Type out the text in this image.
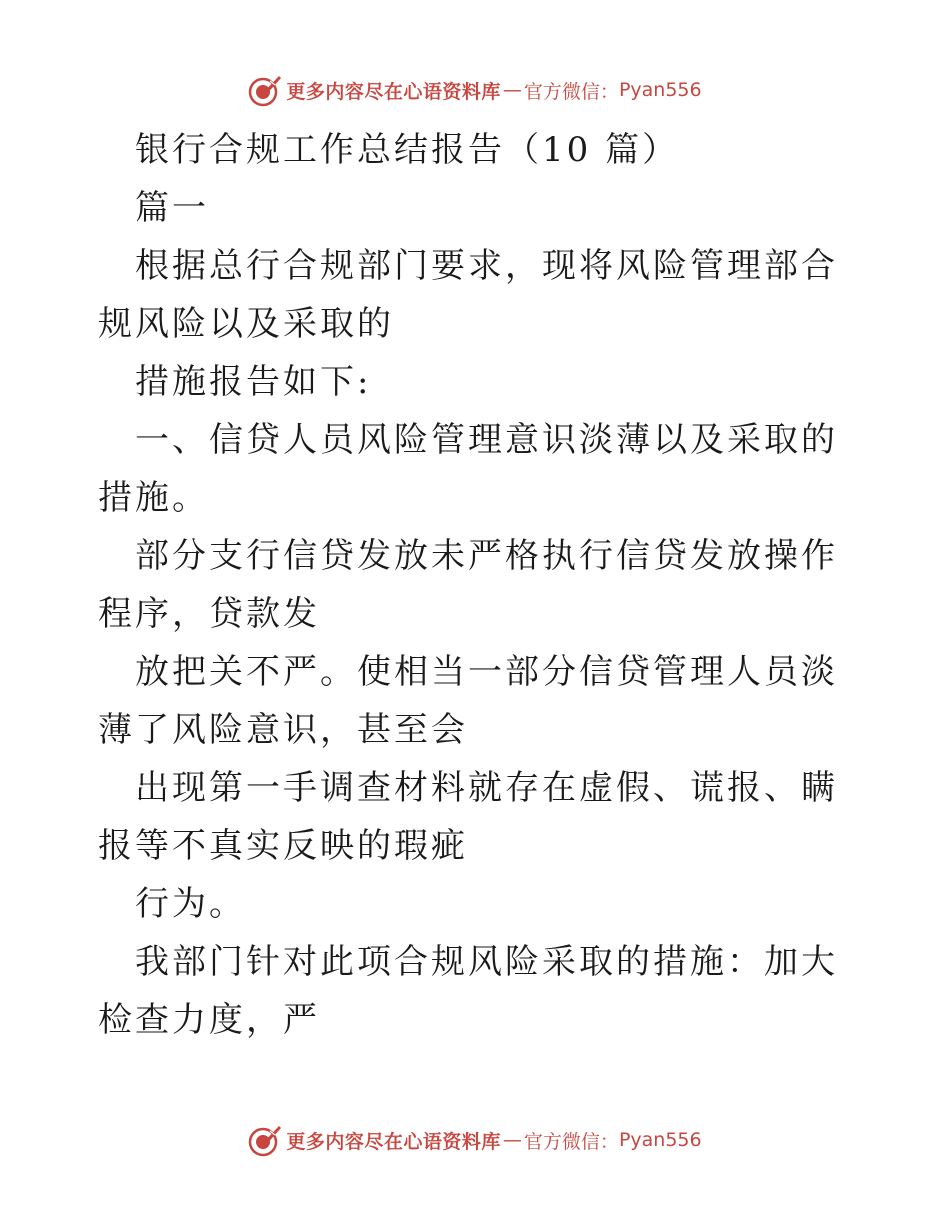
更多内容尽在心语资料库 — 官方微信： Pyan556

银行合规工作总结报告（10 篇）

篇一

根据总行合规部门要求，现将风险管理部合规风险以及采取的

措施报告如下:

一、信贷人员风险管理意识淡薄以及采取的措施。

部分支行信贷发放未严格执行信贷发放操作程序，贷款发

放把关不严。使相当一部分信贷管理人员淡薄了风险意识，甚至会

出现第一手调查材料就存在虚假、谎报、瞒报等不真实反映的瑕疵

行为。

我部门针对此项合规风险采取的措施：加大检查力度，严

更多内容尽在心语资料库 — 官方微信： Pyan556
